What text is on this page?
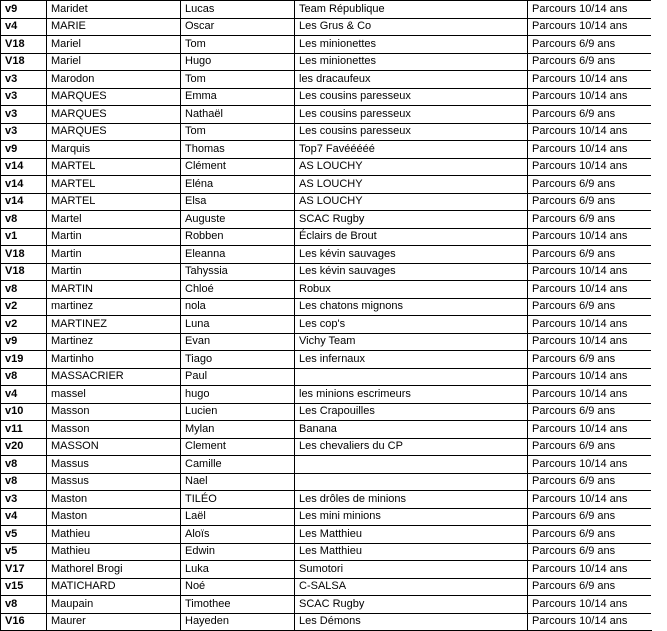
v9	Maridet	Lucas	Team République	Parcours 10/14 ans
v4	MARIE	Oscar	Les Grus & Co	Parcours 10/14 ans
V18	Mariel	Tom	Les minionettes	Parcours 6/9 ans
V18	Mariel	Hugo	Les minionettes	Parcours 6/9 ans
v3	Marodon	Tom	les dracaufeux	Parcours 10/14 ans
v3	MARQUES	Emma	Les cousins paresseux	Parcours 10/14 ans
v3	MARQUES	Nathaël	Les cousins paresseux	Parcours 6/9 ans
v3	MARQUES	Tom	Les cousins paresseux	Parcours 10/14 ans
v9	Marquis	Thomas	Top7 Favééééé	Parcours 10/14 ans
v14	MARTEL	Clément	AS LOUCHY	Parcours 10/14 ans
v14	MARTEL	Eléna	AS LOUCHY	Parcours 6/9 ans
v14	MARTEL	Elsa	AS LOUCHY	Parcours 6/9 ans
v8	Martel	Auguste	SCAC Rugby	Parcours 6/9 ans
v1	Martin	Robben	Éclairs de Brout	Parcours 10/14 ans
V18	Martin	Eleanna	Les kévin sauvages	Parcours 6/9 ans
V18	Martin	Tahyssia	Les kévin sauvages	Parcours 10/14 ans
v8	MARTIN	Chloé	Robux	Parcours 10/14 ans
v2	martinez	nola	Les chatons mignons	Parcours 6/9 ans
v2	MARTINEZ	Luna	Les cop's	Parcours 10/14 ans
v9	Martinez	Evan	Vichy Team	Parcours 10/14 ans
v19	Martinho	Tiago	Les infernaux	Parcours 6/9 ans
v8	MASSACRIER	Paul		Parcours 10/14 ans
v4	massel	hugo	les minions escrimeurs	Parcours 10/14 ans
v10	Masson	Lucien	Les Crapouilles	Parcours 6/9 ans
v11	Masson	Mylan	Banana	Parcours 10/14 ans
v20	MASSON	Clement	Les chevaliers du CP	Parcours 6/9 ans
v8	Massus	Camille		Parcours 10/14 ans
v8	Massus	Nael		Parcours 6/9 ans
v3	Maston	TILÉO	Les drôles de minions	Parcours 10/14 ans
v4	Maston	Laël	Les mini minions	Parcours 6/9 ans
v5	Mathieu	Aloïs	Les Matthieu	Parcours 6/9 ans
v5	Mathieu	Edwin	Les Matthieu	Parcours 6/9 ans
V17	Mathorel Brogi	Luka	Sumotori	Parcours 10/14 ans
v15	MATICHARD	Noé	C-SALSA	Parcours 6/9 ans
v8	Maupain	Timothee	SCAC Rugby	Parcours 10/14 ans
V16	Maurer	Hayeden	Les Démons	Parcours 10/14 ans
